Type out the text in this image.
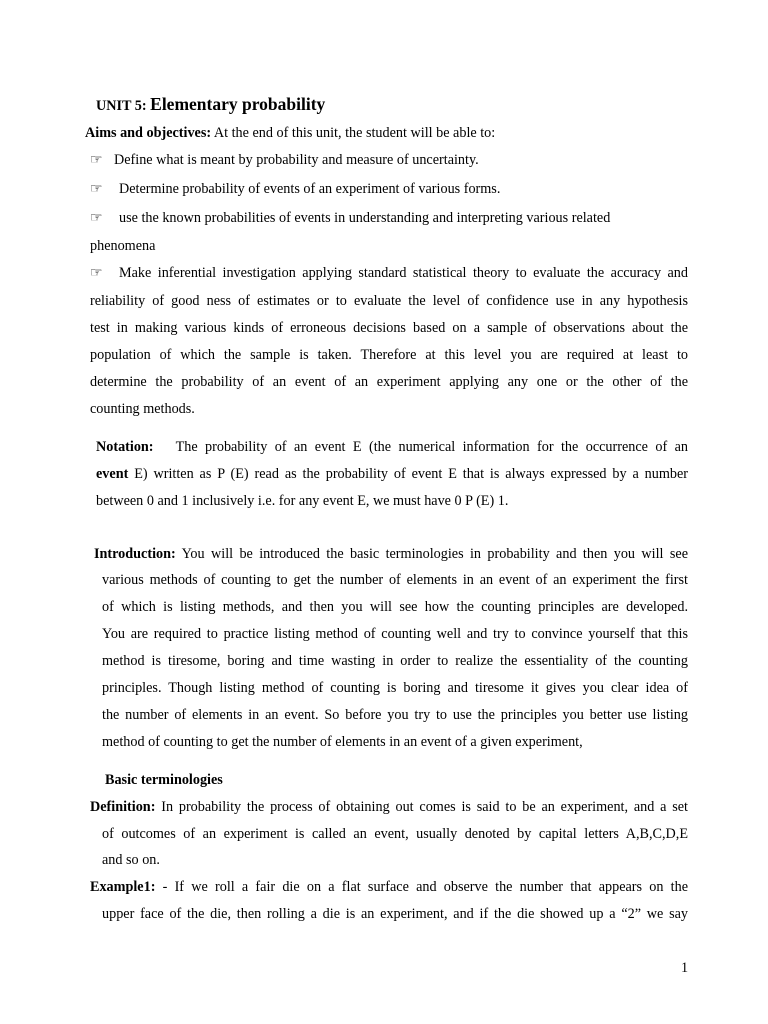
UNIT 5: Elementary probability
Aims and objectives: At the end of this unit, the student will be able to:
☞ Define what is meant by probability and measure of uncertainty.
☞ Determine probability of events of an experiment of various forms.
☞ use the known probabilities of events in understanding and interpreting various related
phenomena
☞ Make inferential investigation applying standard statistical theory to evaluate the accuracy and
reliability of good ness of estimates or to evaluate the level of confidence use in any hypothesis
test in making various kinds of erroneous decisions based on a sample of observations about the
population of which the sample is taken. Therefore at this level you are required at least to
determine the probability of an event of an experiment applying any one or the other of the
counting methods.
Notation: The probability of an event E (the numerical information for the occurrence of an
event E) written as P (E) read as the probability of event E that is always expressed by a number
between 0 and 1 inclusively i.e. for any event E, we must have 0 P (E) 1.
Introduction: You will be introduced the basic terminologies in probability and then you will see
various methods of counting to get the number of elements in an event of an experiment the first
of which is listing methods, and then you will see how the counting principles are developed.
You are required to practice listing method of counting well and try to convince yourself that this
method is tiresome, boring and time wasting in order to realize the essentiality of the counting
principles. Though listing method of counting is boring and tiresome it gives you clear idea of
the number of elements in an event. So before you try to use the principles you better use listing
method of counting to get the number of elements in an event of a given experiment,
Basic terminologies
Definition: In probability the process of obtaining out comes is said to be an experiment, and a set
of outcomes of an experiment is called an event, usually denoted by capital letters A,B,C,D,E
and so on.
Example1: - If we roll a fair die on a flat surface and observe the number that appears on the
upper face of the die, then rolling a die is an experiment, and if the die showed up a “2” we say
1
